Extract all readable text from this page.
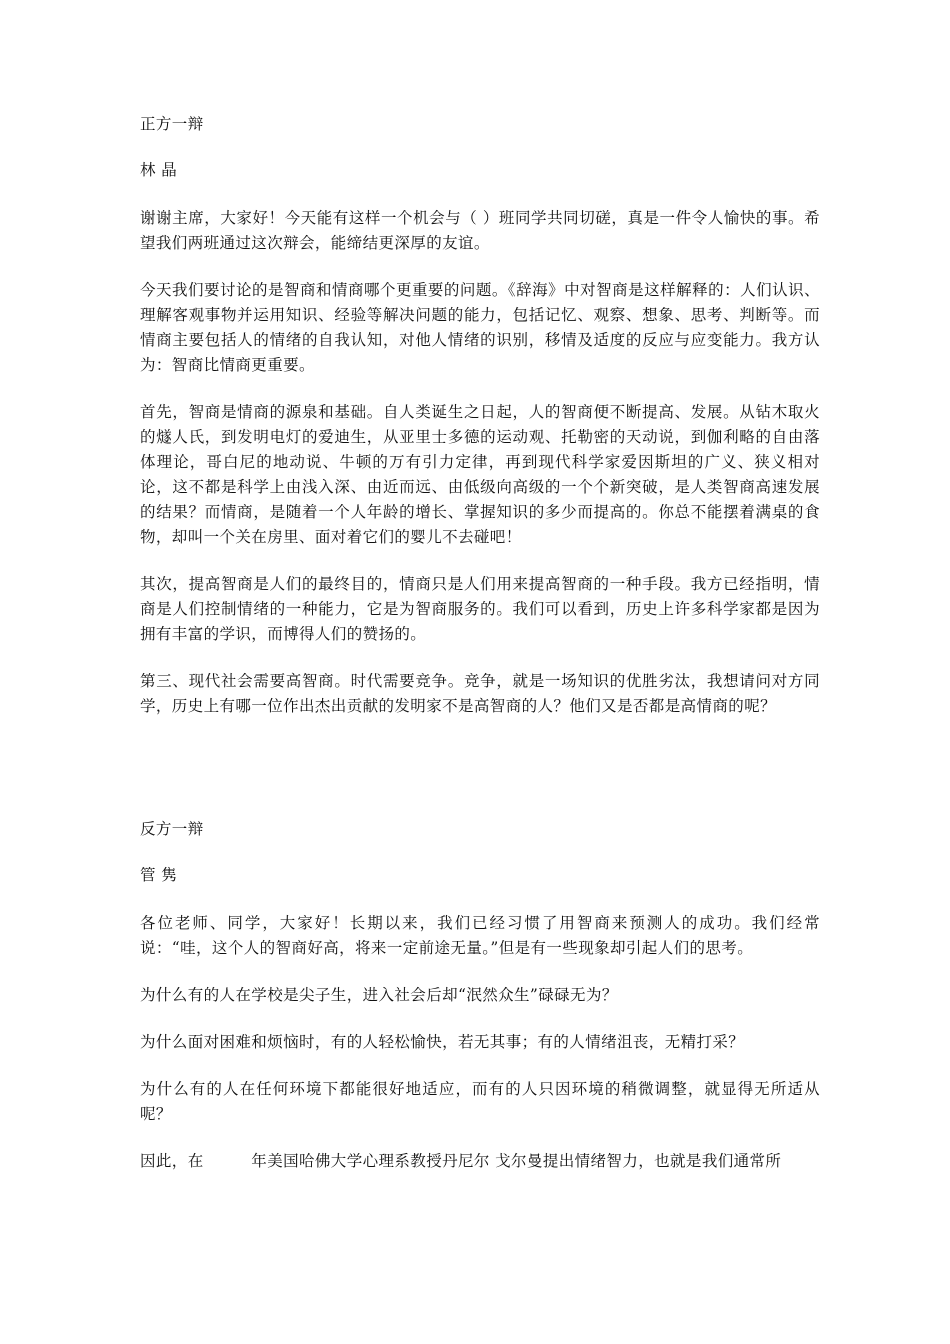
正方一辩

林 晶

谢谢主席，大家好！今天能有这样一个机会与（ ）班同学共同切磋，真是一件令人愉快的事。希望我们两班通过这次辩会，能缔结更深厚的友谊。

今天我们要讨论的是智商和情商哪个更重要的问题。《辞海》中对智商是这样解释的：人们认识、理解客观事物并运用知识、经验等解决问题的能力，包括记忆、观察、想象、思考、判断等。而情商主要包括人的情绪的自我认知，对他人情绪的识别，移情及适度的反应与应变能力。我方认为：智商比情商更重要。

首先，智商是情商的源泉和基础。自人类诞生之日起，人的智商便不断提高、发展。从钻木取火的燧人氏，到发明电灯的爱迪生，从亚里士多德的运动观、托勒密的天动说，到伽利略的自由落体理论，哥白尼的地动说、牛顿的万有引力定律，再到现代科学家爱因斯坦的广义、狭义相对论，这不都是科学上由浅入深、由近而远、由低级向高级的一个个新突破，是人类智商高速发展的结果？而情商，是随着一个人年龄的增长、掌握知识的多少而提高的。你总不能摆着满桌的食物，却叫一个关在房里、面对着它们的婴儿不去碰吧！

其次，提高智商是人们的最终目的，情商只是人们用来提高智商的一种手段。我方已经指明，情商是人们控制情绪的一种能力，它是为智商服务的。我们可以看到，历史上许多科学家都是因为拥有丰富的学识，而博得人们的赞扬的。

第三、现代社会需要高智商。时代需要竞争。竞争，就是一场知识的优胜劣汰，我想请问对方同学，历史上有哪一位作出杰出贡献的发明家不是高智商的人？他们又是否都是高情商的呢？

反方一辩

管 隽

各位老师、同学，大家好！长期以来，我们已经习惯了用智商来预测人的成功。我们经常说：“哇，这个人的智商好高，将来一定前途无量。”但是有一些现象却引起人们的思考。

为什么有的人在学校是尖子生，进入社会后却“泯然众生”碌碌无为？

为什么面对困难和烦恼时，有的人轻松愉快，若无其事；有的人情绪沮丧，无精打采？

为什么有的人在任何环境下都能很好地适应，而有的人只因环境的稍微调整，就显得无所适从呢？

因此，在　　　年美国哈佛大学心理系教授丹尼尔 戈尔曼提出情绪智力，也就是我们通常所
